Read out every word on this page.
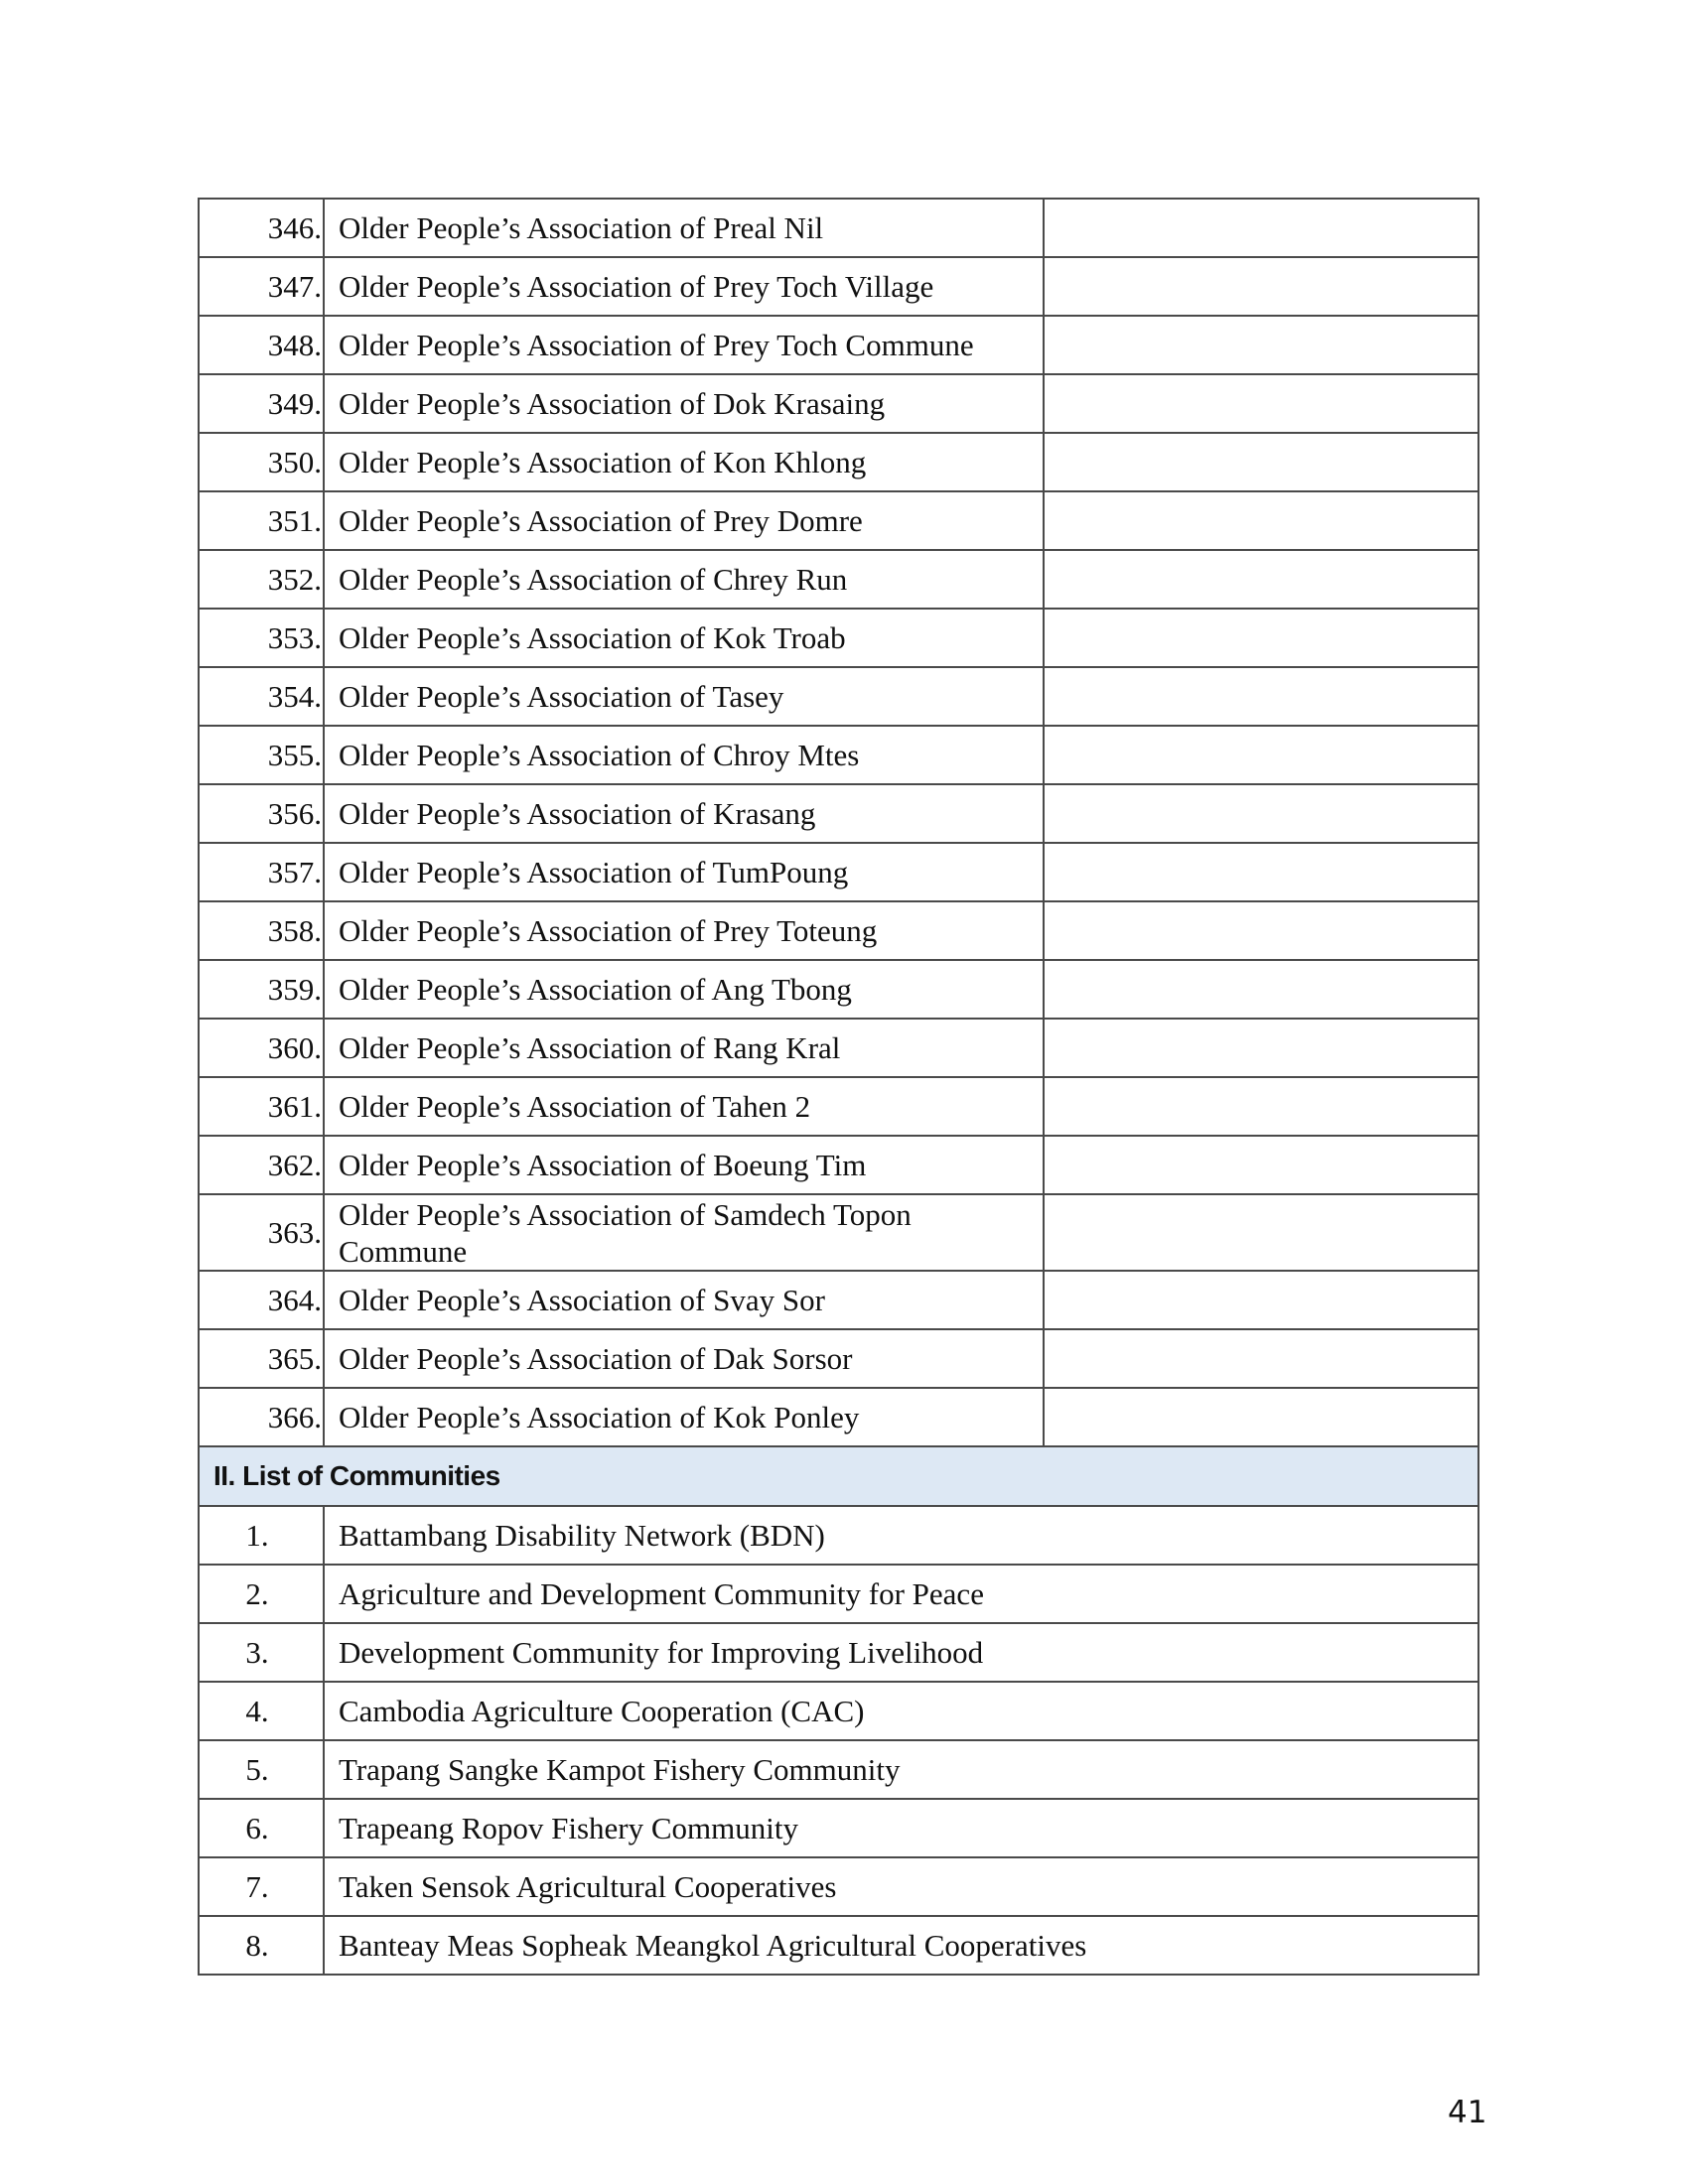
346.	Older People’s Association of Preal Nil	
347.	Older People’s Association of Prey Toch Village	
348.	Older People’s Association of Prey Toch Commune	
349.	Older People’s Association of Dok Krasaing	
350.	Older People’s Association of Kon Khlong	
351.	Older People’s Association of Prey Domre	
352.	Older People’s Association of Chrey Run	
353.	Older People’s Association of Kok Troab	
354.	Older People’s Association of Tasey	
355.	Older People’s Association of Chroy Mtes	
356.	Older People’s Association of Krasang	
357.	Older People’s Association of TumPoung	
358.	Older People’s Association of Prey Toteung	
359.	Older People’s Association of Ang Tbong	
360.	Older People’s Association of Rang Kral	
361.	Older People’s Association of Tahen 2	
362.	Older People’s Association of Boeung Tim	
363.	Older People’s Association of Samdech Topon Commune	
364.	Older People’s Association of Svay Sor	
365.	Older People’s Association of Dak Sorsor	
366.	Older People’s Association of Kok Ponley	
II. List of Communities		
1.	Battambang Disability Network (BDN)	
2.	Agriculture and Development Community for Peace	
3.	Development Community for Improving Livelihood	
4.	Cambodia Agriculture Cooperation (CAC)	
5.	Trapang Sangke Kampot Fishery Community	
6.	Trapeang Ropov Fishery Community	
7.	Taken Sensok Agricultural Cooperatives	
8.	Banteay Meas Sopheak Meangkol Agricultural Cooperatives	
41
